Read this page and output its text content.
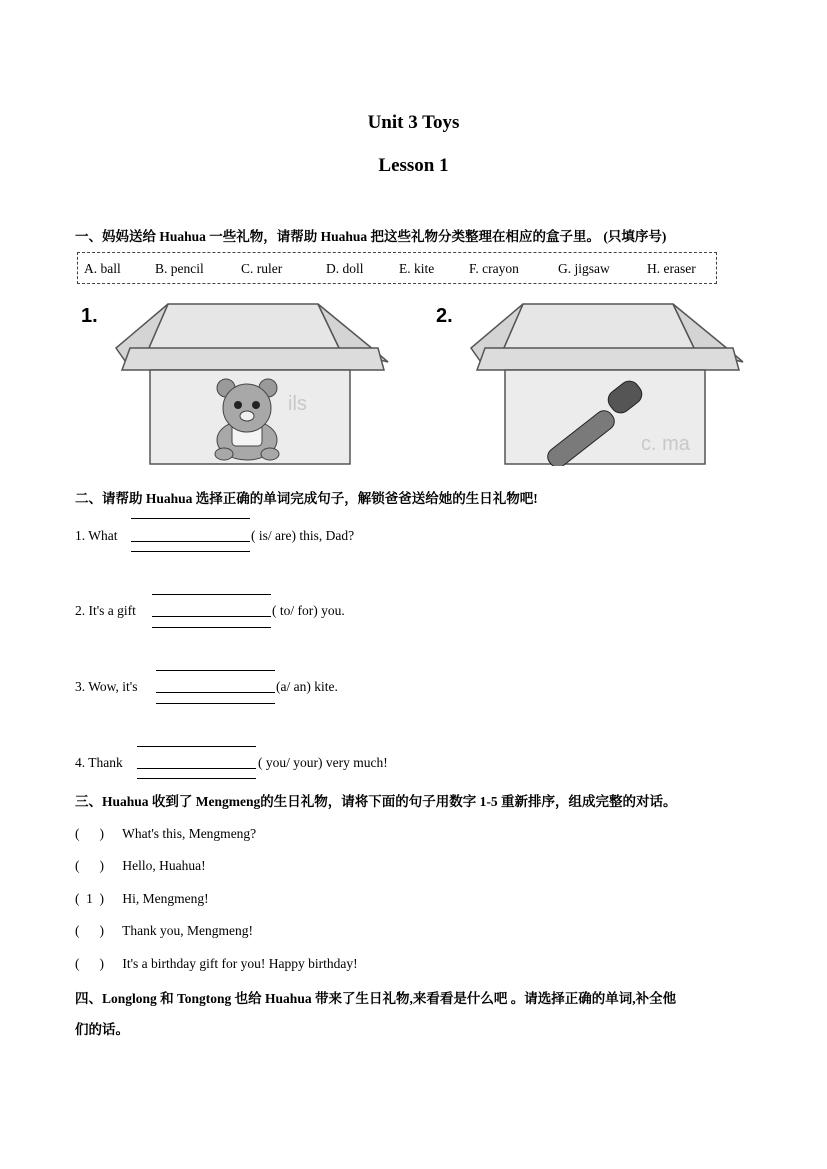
Unit 3 Toys
Lesson 1
一、妈妈送给 Huahua 一些礼物，请帮助 Huahua 把这些礼物分类整理在相应的盒子里。 (只填序号)
A. ball	B. pencil	C. ruler	D. doll	E. kite	F. crayon	G. jigsaw	H. eraser
1.
ils
2.
c. ma
二、请帮助 Huahua 选择正确的单词完成句子，解锁爸爸送给她的生日礼物吧!
1. What	( is/ are) this, Dad?
2. It's a gift	( to/ for) you.
3. Wow, it's	(a/ an) kite.
4. Thank	( you/ your) very much!
三、Huahua 收到了 Mengmeng的生日礼物，请将下面的句子用数字 1-5 重新排序，组成完整的对话。
( ) What's this, Mengmeng?
( ) Hello, Huahua!
( 1 ) Hi, Mengmeng!
( ) Thank you, Mengmeng!
( ) It's a birthday gift for you! Happy birthday!
四、Longlong 和 Tongtong 也给 Huahua 带来了生日礼物,来看看是什么吧 。请选择正确的单词,补全他
们的话。
